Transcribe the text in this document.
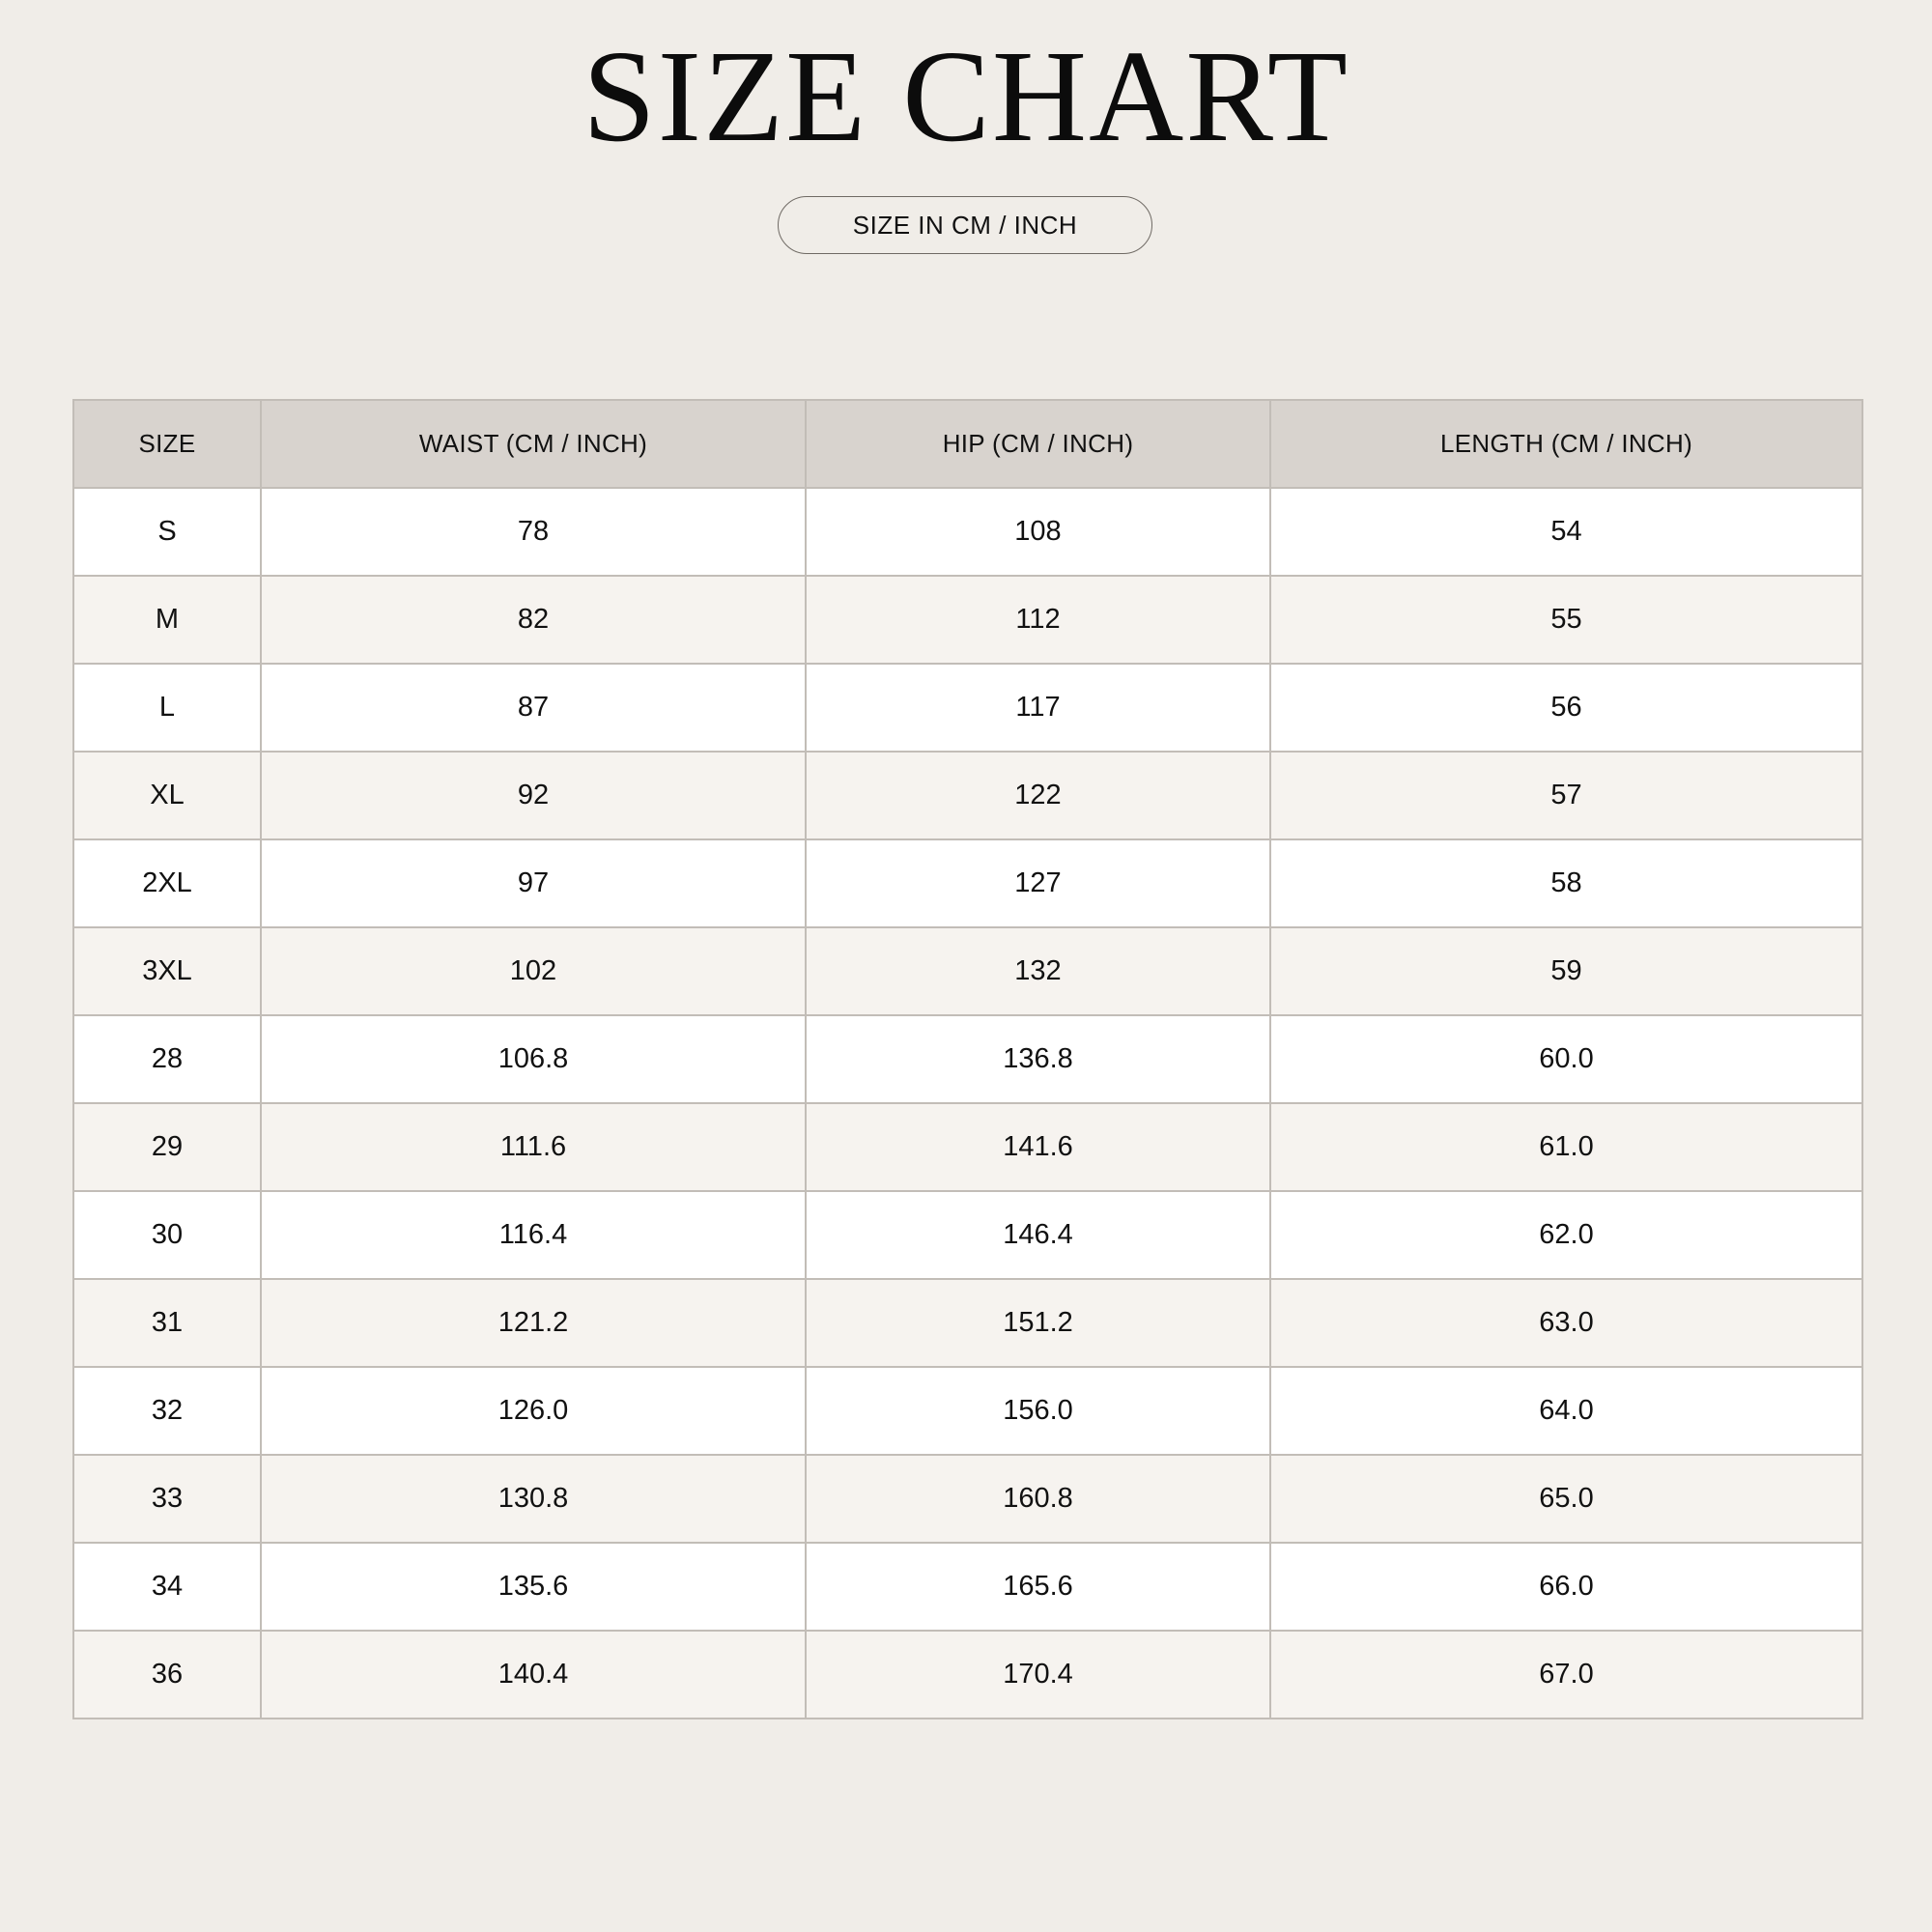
SIZE CHART
SIZE IN CM / INCH
SIZE	WAIST (CM / INCH)	HIP (CM / INCH)	LENGTH (CM / INCH)
S	78	108	54
M	82	112	55
L	87	117	56
XL	92	122	57
2XL	97	127	58
3XL	102	132	59
28	106.8	136.8	60.0
29	111.6	141.6	61.0
30	116.4	146.4	62.0
31	121.2	151.2	63.0
32	126.0	156.0	64.0
33	130.8	160.8	65.0
34	135.6	165.6	66.0
36	140.4	170.4	67.0
